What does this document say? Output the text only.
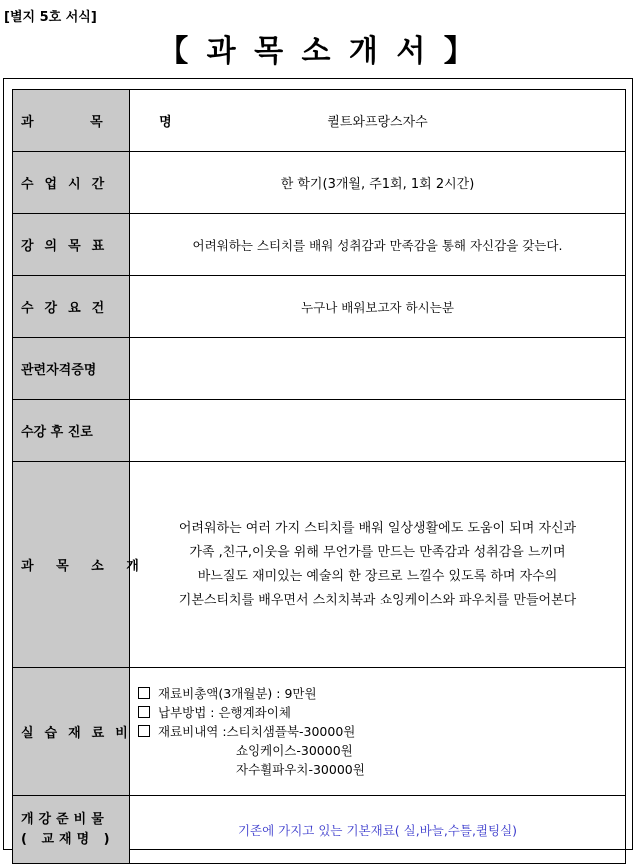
[별지 5호 서식]
【 과 목 소 개 서 】
과 목 명	퀼트와프랑스자수
수업시간	한 학기(3개월, 주1회, 1회 2시간)
강의목표	어려워하는 스티치를 배워 성취감과 만족감을 통해 자신감을 갖는다.
수강요건	누구나 배워보고자 하시는분
관련자격증명	
수강 후 진로	
과 목 소 개	어려워하는 여러 가지 스티치를 배워 일상생활에도 도움이 되며 자신과
가족 ,친구,이웃을 위해 무언가를 만드는 만족감과 성취감을 느끼며
바느질도 재미있는 예술의 한 장르로 느낄수 있도록 하며 자수의
기본스티치를 배우면서 스치치북과 쇼잉케이스와 파우치를 만들어본다

실습재료비	재료비총액(3개월분) : 9만원
납부방법 : 은행계좌이체
재료비내역 :스티치샘플북-30000원
쇼잉케이스-30000원
자수휠파우치-30000원

개강준비물
( 교재명 )	기존에 가지고 있는 기본재료( 실,바늘,수틀,퀼팅실)
